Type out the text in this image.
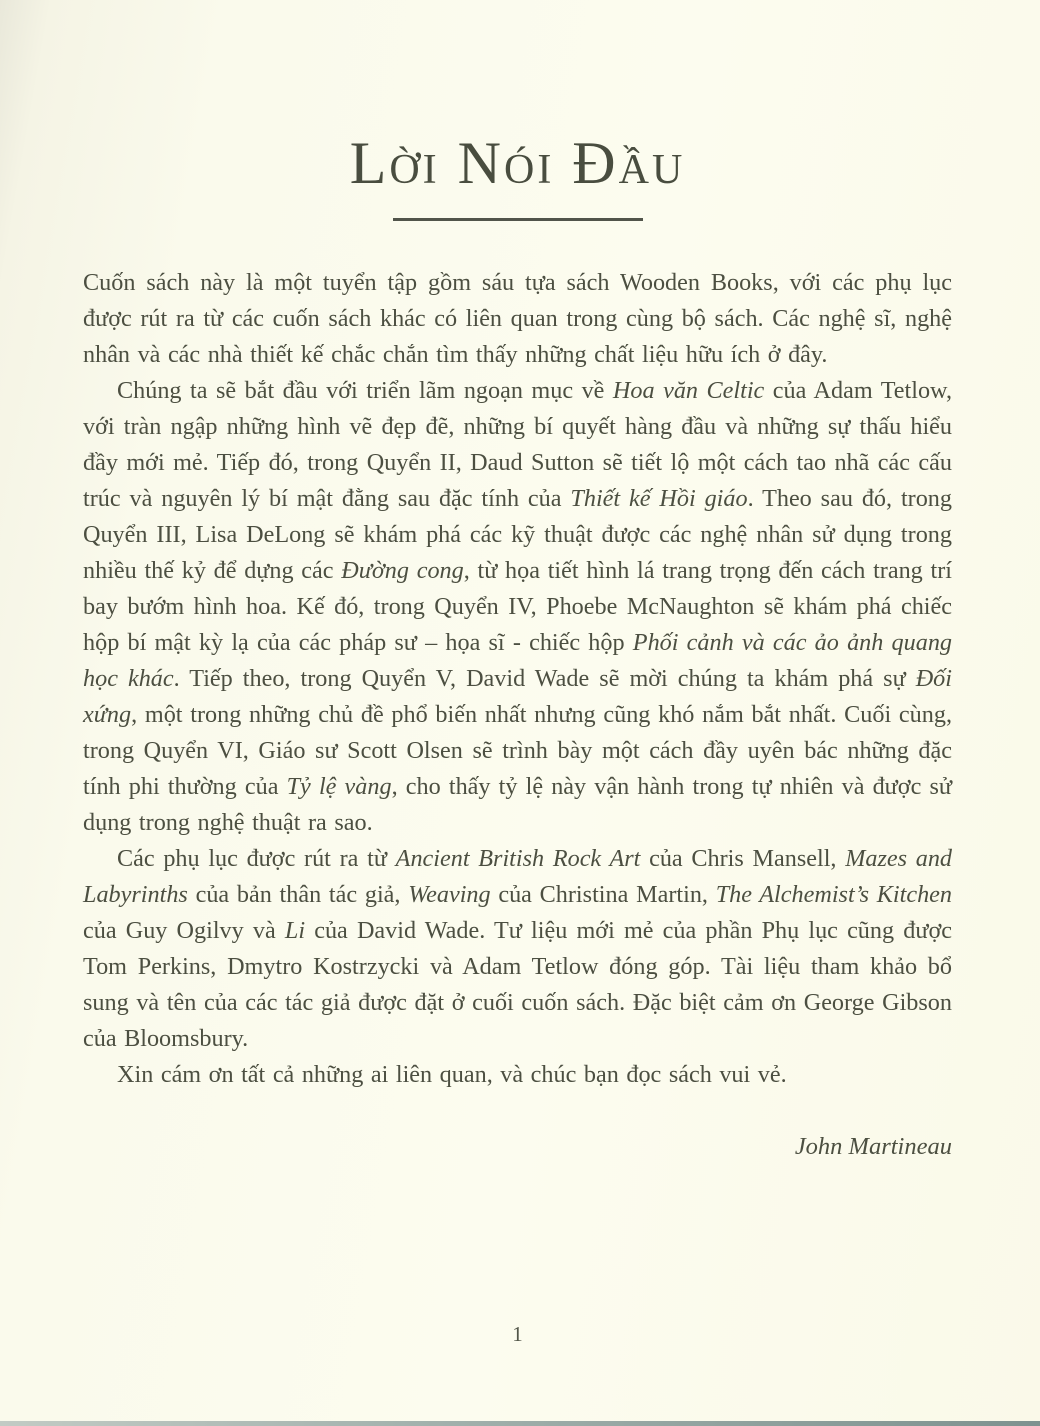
Lời Nói Đầu

Cuốn sách này là một tuyển tập gồm sáu tựa sách Wooden Books, với các phụ lục được rút ra từ các cuốn sách khác có liên quan trong cùng bộ sách. Các nghệ sĩ, nghệ nhân và các nhà thiết kế chắc chắn tìm thấy những chất liệu hữu ích ở đây.

Chúng ta sẽ bắt đầu với triển lãm ngoạn mục về Hoa văn Celtic của Adam Tetlow, với tràn ngập những hình vẽ đẹp đẽ, những bí quyết hàng đầu và những sự thấu hiểu đầy mới mẻ. Tiếp đó, trong Quyển II, Daud Sutton sẽ tiết lộ một cách tao nhã các cấu trúc và nguyên lý bí mật đằng sau đặc tính của Thiết kế Hồi giáo. Theo sau đó, trong Quyển III, Lisa DeLong sẽ khám phá các kỹ thuật được các nghệ nhân sử dụng trong nhiều thế kỷ để dựng các Đường cong, từ họa tiết hình lá trang trọng đến cách trang trí bay bướm hình hoa. Kế đó, trong Quyển IV, Phoebe McNaughton sẽ khám phá chiếc hộp bí mật kỳ lạ của các pháp sư – họa sĩ - chiếc hộp Phối cảnh và các ảo ảnh quang học khác. Tiếp theo, trong Quyển V, David Wade sẽ mời chúng ta khám phá sự Đối xứng, một trong những chủ đề phổ biến nhất nhưng cũng khó nắm bắt nhất. Cuối cùng, trong Quyển VI, Giáo sư Scott Olsen sẽ trình bày một cách đầy uyên bác những đặc tính phi thường của Tỷ lệ vàng, cho thấy tỷ lệ này vận hành trong tự nhiên và được sử dụng trong nghệ thuật ra sao.

Các phụ lục được rút ra từ Ancient British Rock Art của Chris Mansell, Mazes and Labyrinths của bản thân tác giả, Weaving của Christina Martin, The Alchemist’s Kitchen của Guy Ogilvy và Li của David Wade. Tư liệu mới mẻ của phần Phụ lục cũng được Tom Perkins, Dmytro Kostrzycki và Adam Tetlow đóng góp. Tài liệu tham khảo bổ sung và tên của các tác giả được đặt ở cuối cuốn sách. Đặc biệt cảm ơn George Gibson của Bloomsbury.

Xin cám ơn tất cả những ai liên quan, và chúc bạn đọc sách vui vẻ.

John Martineau
1
